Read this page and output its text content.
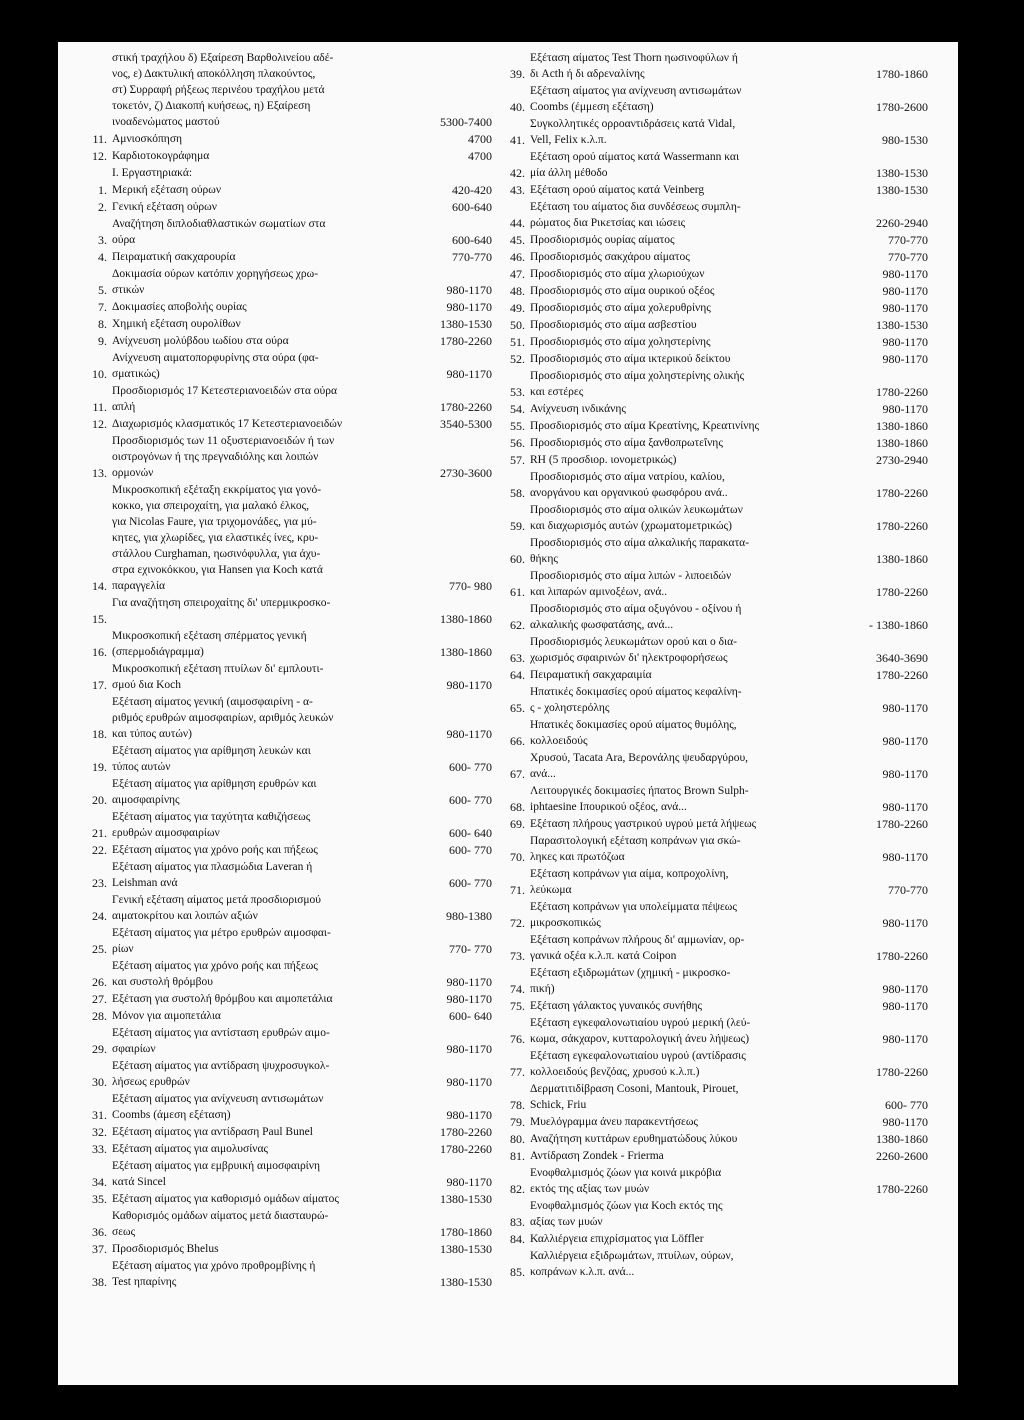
στική τραχήλου δ) Εξαίρεση Βαρθολινείου αδέ-
νος, ε) Δακτυλική αποκόλληση πλακούντος,
στ) Συρραφή ρήξεως περινέου τραχήλου μετά
τοκετόν, ζ) Διακοπή κυήσεως, η) Εξαίρεση
ινοαδενώματος μαστού	5300-7400
11. Αμνιοσκόπηση	4700
12. Καρδιοτοκογράφημα	4700
Ι. Εργαστηριακά:
1. Μερική εξέταση ούρων	420-420
2. Γενική εξέταση ούρων	600-640
3.
Αναζήτηση διπλοδιαθλαστικών σωματίων στα
ούρα	600-640
4. Πειραματική σακχαρουρία	770-770
5.
Δοκιμασία ούρων κατόπιν χορηγήσεως χρω-
στικών	980-1170
7. Δοκιμασίες αποβολής ουρίας	980-1170
8. Χημική εξέταση ουρολίθων	1380-1530
9. Ανίχνευση μολύβδου ιωδίου στα ούρα	1780-2260
10.
Ανίχνευση αιματοπορφυρίνης στα ούρα (φα-
σματικώς)	980-1170
11.
Προσδιορισμός 17 Κετεστεριανοειδών στα ούρα
απλή	1780-2260
12. Διαχωρισμός κλασματικός 17 Κετεστεριανοειδών	3540-5300
13.
Προσδιορισμός των 11 οξυστεριανοειδών ή των
οιστρογόνων ή της πρεγναδιόλης και λοιπών
ορμονών	2730-3600
14.
Μικροσκοπική εξέταξη εκκρίματος για γονό-
κοκκο, για σπειροχαίτη, για μαλακό έλκος,
για Nicolas Faure, για τριχομονάδες, για μύ-
κητες, για χλωρίδες, για ελαστικές ίνες, κρυ-
στάλλου Curghaman, ηωσινόφυλλα, για άχυ-
στρα εχινοκόκκου, για Hansen για Koch κατά
παραγγελία	770- 980
15.
Για αναζήτηση σπειροχαίτης δι' υπερμικροσκο-

1380-1860
16.
Μικροσκοπική εξέταση σπέρματος γενική
(σπερμοδιάγραμμα)	1380-1860
17.
Μικροσκοπική εξέταση πτυίλων δι' εμπλουτι-
σμού δια Koch	980-1170
18.
Εξέταση αίματος γενική (αιμοσφαιρίνη - α-
ριθμός ερυθρών αιμοσφαιρίων, αριθμός λευκών
και τύπος αυτών)	980-1170
19.
Εξέταση αίματος για αρίθμηση λευκών και
τύπος αυτών	600- 770
20.
Εξέταση αίματος για αρίθμηση ερυθρών και
αιμοσφαιρίνης	600- 770
21.
Εξέταση αίματος για ταχύτητα καθιζήσεως
ερυθρών αιμοσφαιρίων	600- 640
22. Εξέταση αίματος για χρόνο ροής και πήξεως	600- 770
23.
Εξέταση αίματος για πλασμώδια Laveran ή
Leishman ανά	600- 770
24.
Γενική εξέταση αίματος μετά προσδιορισμού
αιματοκρίτου και λοιπών αξιών	980-1380
25.
Εξέταση αίματος για μέτρο ερυθρών αιμοσφαι-
ρίων	770- 770
26.
Εξέταση αίματος για χρόνο ροής και πήξεως
και συστολή θρόμβου	980-1170
27. Εξέταση για συστολή θρόμβου και αιμοπετάλια	980-1170
28. Μόνον για αιμοπετάλια	600- 640
29.
Εξέταση αίματος για αντίσταση ερυθρών αιμο-
σφαιρίων	980-1170
30.
Εξέταση αίματος για αντίδραση ψυχροσυγκολ-
λήσεως ερυθρών	980-1170
31.
Εξέταση αίματος για ανίχνευση αντισωμάτων
Coombs (άμεση εξέταση)	980-1170
32. Εξέταση αίματος για αντίδραση Paul Bunel	1780-2260
33. Εξέταση αίματος για αιμολυσίνας	1780-2260
34.
Εξέταση αίματος για εμβρυική αιμοσφαιρίνη
κατά Sincel	980-1170
35. Εξέταση αίματος για καθορισμό ομάδων αίματος	1380-1530
36.
Καθορισμός ομάδων αίματος μετά διασταυρώ-
σεως	1780-1860
37. Προσδιορισμός Bhelus	1380-1530
38.
Εξέταση αίματος για χρόνο προθρομβίνης ή
Test ηπαρίνης	1380-1530
39.
Εξέταση αίματος Test Thorn ηωσινοφύλων ή
δι Acth ή δι αδρεναλίνης	1780-1860
40.
Εξέταση αίματος για ανίχνευση αντισωμάτων
Coombs (έμμεση εξέταση)	1780-2600
41.
Συγκολλητικές ορροαντιδράσεις κατά Vidal,
Vell, Felix κ.λ.π.	980-1530
42.
Εξέταση ορού αίματος κατά Wassermann και
μία άλλη μέθοδο	1380-1530
43. Εξέταση ορού αίματος κατά Veinberg	1380-1530
44.
Εξέταση του αίματος δια συνδέσεως συμπλη-
ρώματος δια Ρικετσίας και ιώσεις	2260-2940
45. Προσδιορισμός ουρίας αίματος	770-770
46. Προσδιορισμός σακχάρου αίματος	770-770
47. Προσδιορισμός στο αίμα χλωριούχων	980-1170
48. Προσδιορισμός στο αίμα ουρικού οξέος	980-1170
49. Προσδιορισμός στο αίμα χολερυθρίνης	980-1170
50. Προσδιορισμός στο αίμα ασβεστίου	1380-1530
51. Προσδιορισμός στο αίμα χοληστερίνης	980-1170
52. Προσδιορισμός στο αίμα ικτερικού δείκτου	980-1170
53.
Προσδιορισμός στο αίμα χοληστερίνης ολικής
και εστέρες	1780-2260
54. Ανίχνευση ινδικάνης	980-1170
55. Προσδιορισμός στο αίμα Κρεατίνης, Κρεατινίνης	1380-1860
56. Προσδιορισμός στο αίμα ξανθοπρωτεΐνης	1380-1860
57. RH (5 προσδιορ. ιονομετρικώς)	2730-2940
58.
Προσδιορισμός στο αίμα νατρίου, καλίου,
ανοργάνου και οργανικού φωσφόρου ανά..	1780-2260
59.
Προσδιορισμός στο αίμα ολικών λευκωμάτων
και διαχωρισμός αυτών (χρωματομετρικώς)	1780-2260
60.
Προσδιορισμός στο αίμα αλκαλικής παρακατα-
θήκης	1380-1860
61.
Προσδιορισμός στο αίμα λιπών - λιποειδών
και λιπαρών αμινοξέων, ανά..	1780-2260
62.
Προσδιορισμός στο αίμα οξυγόνου - οξίνου ή
αλκαλικής φωσφατάσης, ανά...	- 1380-1860
63.
Προσδιορισμός λευκωμάτων ορού και ο δια-
χωρισμός σφαιρινών δι' ηλεκτροφορήσεως	3640-3690
64. Πειραματική σακχαραιμία	1780-2260
65.
Ηπατικές δοκιμασίες ορού αίματος κεφαλίνη-
ς - χοληστερόλης	980-1170
66.
Ηπατικές δοκιμασίες ορού αίματος θυμόλης,
κολλοειδούς	980-1170
67.
Χρυσού, Tacata Ara, Βερονάλης ψευδαργύρου,
ανά...	980-1170
68.
Λειτουργικές δοκιμασίες ήπατος Brown Sulph-
iphtaesine Ιπουρικού οξέος, ανά...	980-1170
69. Εξέταση πλήρους γαστρικού υγρού μετά λήψεως	1780-2260
70.
Παρασιτολογική εξέταση κοπράνων για σκώ-
ληκες και πρωτόζωα	980-1170
71.
Εξέταση κοπράνων για αίμα, κοπροχολίνη,
λεύκωμα	770-770
72.
Εξέταση κοπράνων για υπολείμματα πέψεως
μικροσκοπικώς	980-1170
73.
Εξέταση κοπράνων πλήρους δι' αμμωνίαν, ορ-
γανικά οξέα κ.λ.π. κατά Coipon	1780-2260
74.
Εξέταση εξιδρωμάτων (χημική - μικροσκο-
πική)	980-1170
75. Εξέταση γάλακτος γυναικός συνήθης	980-1170
76.
Εξέταση εγκεφαλονωτιαίου υγρού μερική (λεύ-
κωμα, σάκχαρον, κυτταρολογική άνευ λήψεως)	980-1170
77.
Εξέταση εγκεφαλονωτιαίου υγρού (αντίδρασις
κολλοειδούς βενζόας, χρυσού κ.λ.π.)	1780-2260
78.
Δερματιτιδίβραση Cosoni, Mantouk, Pirouet,
Schick, Friu	600- 770
79. Μυελόγραμμα άνευ παρακεντήσεως	980-1170
80. Αναζήτηση κυττάρων ερυθηματώδους λύκου	1380-1860
81. Αντίδραση Zondek - Frierma	2260-2600
82.
Ενοφθαλμισμός ζώων για κοινά μικρόβια
εκτός της αξίας των μυών	1780-2260
83.
Ενοφθαλμισμός ζώων για Koch εκτός της
αξίας των μυών
84. Καλλιέργεια επιχρίσματος για Löffler
85.
Καλλιέργεια εξιδρωμάτων, πτυίλων, ούρων,
κοπράνων κ.λ.π. ανά...
